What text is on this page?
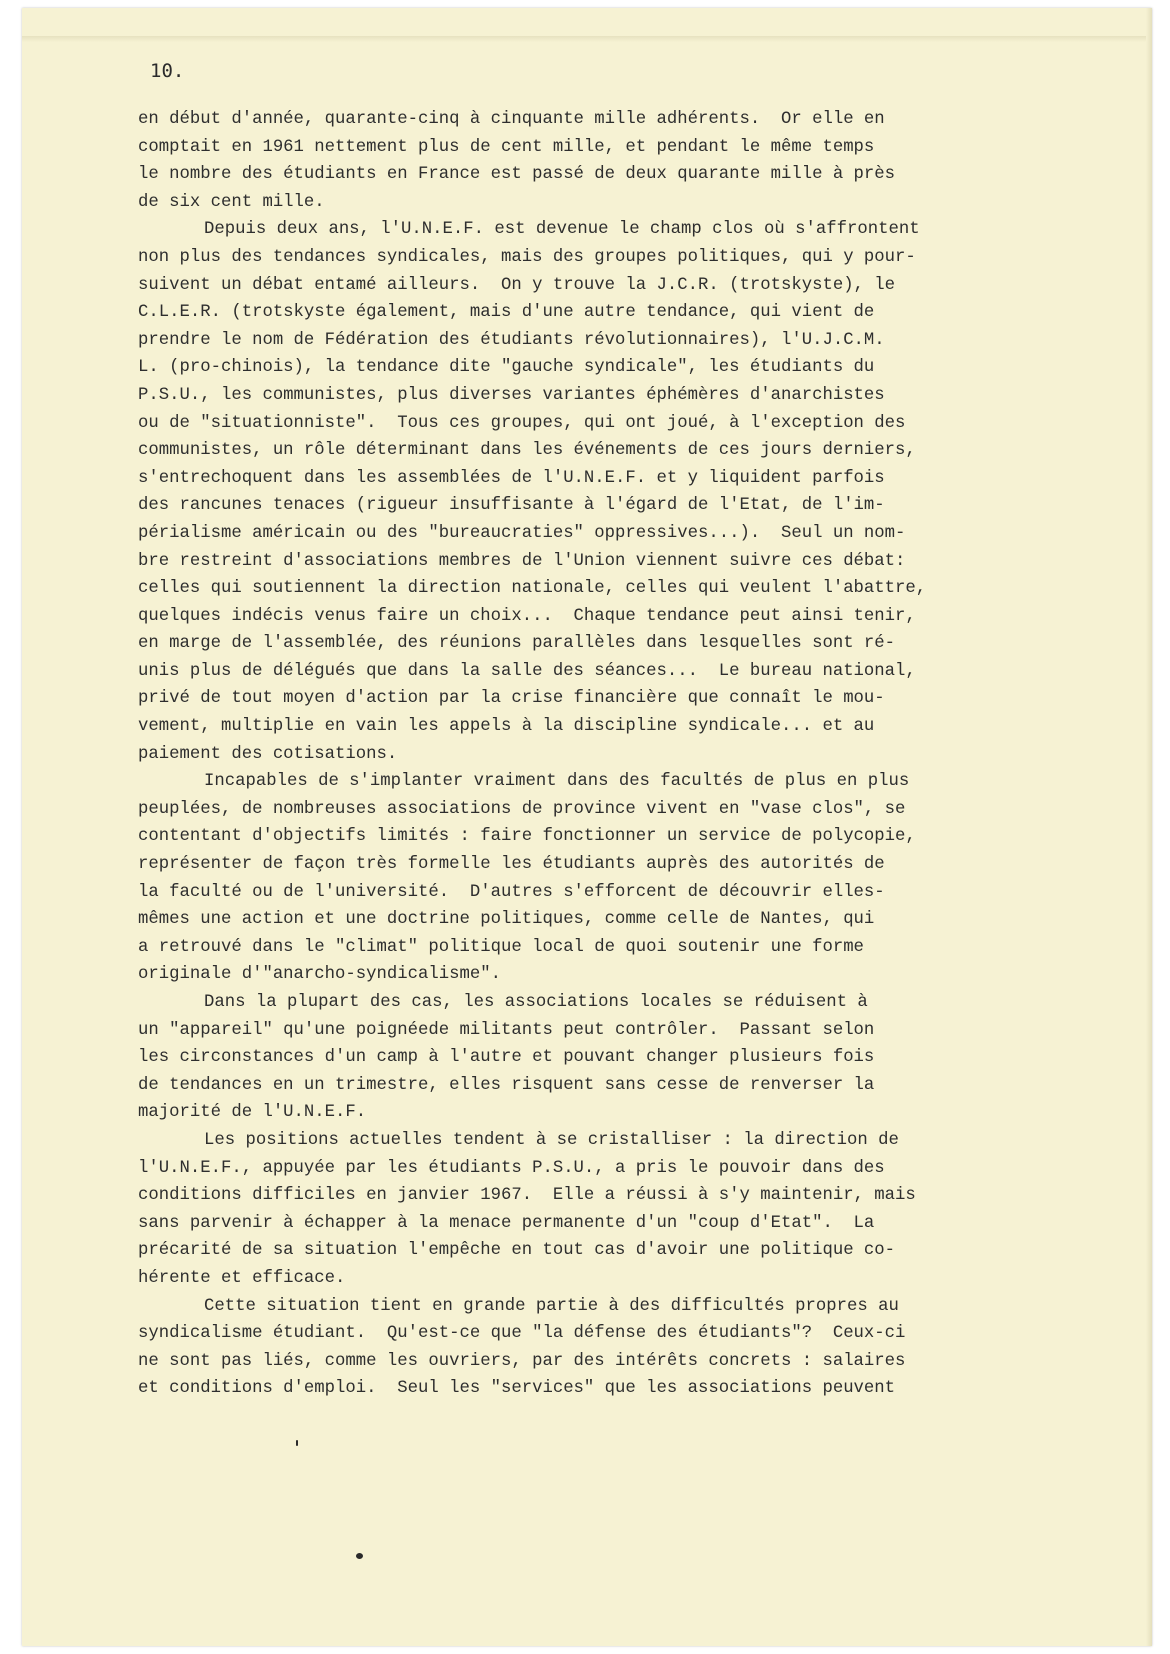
10.
en début d'année, quarante-cinq à cinquante mille adhérents.  Or elle en
comptait en 1961 nettement plus de cent mille, et pendant le même temps
le nombre des étudiants en France est passé de deux quarante mille à près
de six cent mille.
Depuis deux ans, l'U.N.E.F. est devenue le champ clos où s'affrontent
non plus des tendances syndicales, mais des groupes politiques, qui y pour-
suivent un débat entamé ailleurs.  On y trouve la J.C.R. (trotskyste), le
C.L.E.R. (trotskyste également, mais d'une autre tendance, qui vient de
prendre le nom de Fédération des étudiants révolutionnaires), l'U.J.C.M.
L. (pro-chinois), la tendance dite "gauche syndicale", les étudiants du
P.S.U., les communistes, plus diverses variantes éphémères d'anarchistes
ou de "situationniste".  Tous ces groupes, qui ont joué, à l'exception des
communistes, un rôle déterminant dans les événements de ces jours derniers,
s'entrechoquent dans les assemblées de l'U.N.E.F. et y liquident parfois
des rancunes tenaces (rigueur insuffisante à l'égard de l'Etat, de l'im-
périalisme américain ou des "bureaucraties" oppressives...).  Seul un nom-
bre restreint d'associations membres de l'Union viennent suivre ces débat:
celles qui soutiennent la direction nationale, celles qui veulent l'abattre,
quelques indécis venus faire un choix...  Chaque tendance peut ainsi tenir,
en marge de l'assemblée, des réunions parallèles dans lesquelles sont ré-
unis plus de délégués que dans la salle des séances...  Le bureau national,
privé de tout moyen d'action par la crise financière que connaît le mou-
vement, multiplie en vain les appels à la discipline syndicale... et au
paiement des cotisations.
Incapables de s'implanter vraiment dans des facultés de plus en plus
peuplées, de nombreuses associations de province vivent en "vase clos", se
contentant d'objectifs limités : faire fonctionner un service de polycopie,
représenter de façon très formelle les étudiants auprès des autorités de
la faculté ou de l'université.  D'autres s'efforcent de découvrir elles-
mêmes une action et une doctrine politiques, comme celle de Nantes, qui
a retrouvé dans le "climat" politique local de quoi soutenir une forme
originale d'"anarcho-syndicalisme".
Dans la plupart des cas, les associations locales se réduisent à
un "appareil" qu'une poignéede militants peut contrôler.  Passant selon
les circonstances d'un camp à l'autre et pouvant changer plusieurs fois
de tendances en un trimestre, elles risquent sans cesse de renverser la
majorité de l'U.N.E.F.
Les positions actuelles tendent à se cristalliser : la direction de
l'U.N.E.F., appuyée par les étudiants P.S.U., a pris le pouvoir dans des
conditions difficiles en janvier 1967.  Elle a réussi à s'y maintenir, mais
sans parvenir à échapper à la menace permanente d'un "coup d'Etat".  La
précarité de sa situation l'empêche en tout cas d'avoir une politique co-
hérente et efficace.
Cette situation tient en grande partie à des difficultés propres au
syndicalisme étudiant.  Qu'est-ce que "la défense des étudiants"?  Ceux-ci
ne sont pas liés, comme les ouvriers, par des intérêts concrets : salaires
et conditions d'emploi.  Seul les "services" que les associations peuvent
